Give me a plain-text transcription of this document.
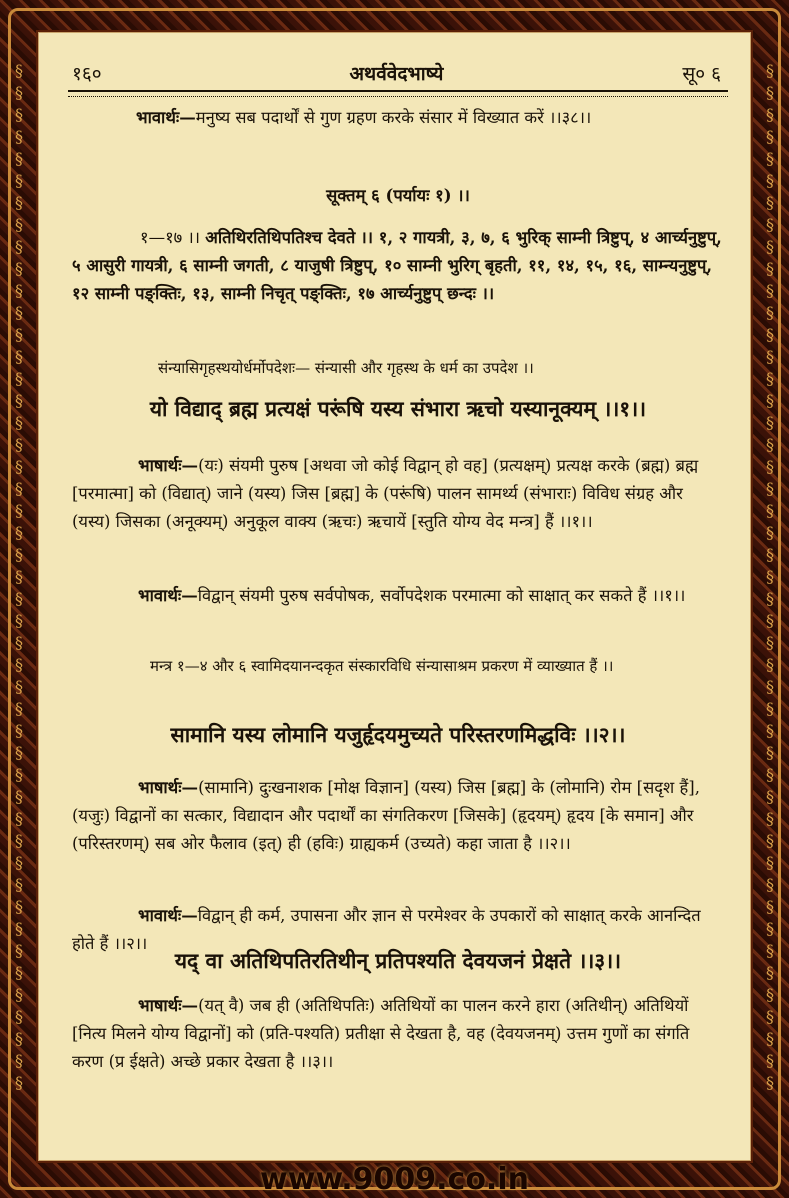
§
§
§
§
§
§
§
§
§
§
§
§
§
§
§
§
§
§
§
§
§
§
§
§
§
§
§
§
§
§
§
§
§
§
§
§
§
§
§
§
§
§
§
§
§
§
§
§
§
§
§
§
§
§
§
§
§
§
§
§
§
§
§
§
§
§
§
§
§
§
§
§
§
§
§
§
§
§
§
§
§
§
§
§
§
§
§
§
§
§
§
§
§
§
१६०	अथर्ववेदभाष्ये	सू० ६
भावार्थः—मनुष्य सब पदार्थों से गुण ग्रहण करके संसार में विख्यात करें ।।३८।।
सूक्तम् ६ (पर्यायः १) ।।
१—१७ ।। अतिथिरतिथिपतिश्च देवते ।। १, २ गायत्री, ३, ७, ६ भुरिक् साम्नी त्रिष्टुप्, ४ आर्च्यनुष्टुप्, ५ आसुरी गायत्री, ६ साम्नी जगती, ८ याजुषी त्रिष्टुप्, १० साम्नी भुरिग् बृहती, ११, १४, १५, १६, साम्न्यनुष्टुप्, १२ साम्नी पङ्क्तिः, १३, साम्नी निचृत् पङ्क्तिः, १७ आर्च्यनुष्टुप् छन्दः ।।
संन्यासिगृहस्थयोर्धर्मोपदेशः— संन्यासी और गृहस्थ के धर्म का उपदेश ।।
यो विद्याद् ब्रह्म प्रत्यक्षं परूंषि यस्य संभारा ऋचो यस्यानूक्यम् ।।१।।
भाषार्थः—(यः) संयमी पुरुष [अथवा जो कोई विद्वान् हो वह] (प्रत्यक्षम्) प्रत्यक्ष करके (ब्रह्म) ब्रह्म [परमात्मा] को (विद्यात्) जाने (यस्य) जिस [ब्रह्म] के (परूंषि) पालन सामर्थ्य (संभाराः) विविध संग्रह और (यस्य) जिसका (अनूक्यम्) अनुकूल वाक्य (ऋचः) ऋचायें [स्तुति योग्य वेद मन्त्र] हैं ।।१।।
भावार्थः—विद्वान् संयमी पुरुष सर्वपोषक, सर्वोपदेशक परमात्मा को साक्षात् कर सकते हैं ।।१।।
मन्त्र १—४ और ६ स्वामिदयानन्दकृत संस्कारविधि संन्यासाश्रम प्रकरण में व्याख्यात हैं ।।
सामानि यस्य लोमानि यजुर्हृदयमुच्यते परिस्तरणमिद्धविः ।।२।।
भाषार्थः—(सामानि) दुःखनाशक [मोक्ष विज्ञान] (यस्य) जिस [ब्रह्म] के (लोमानि) रोम [सदृश हैं], (यजुः) विद्वानों का सत्कार, विद्यादान और पदार्थों का संगतिकरण [जिसके] (हृदयम्) हृदय [के समान] और (परिस्तरणम्) सब ओर फैलाव (इत्) ही (हविः) ग्राह्यकर्म (उच्यते) कहा जाता है ।।२।।
भावार्थः—विद्वान् ही कर्म, उपासना और ज्ञान से परमेश्वर के उपकारों को साक्षात् करके आनन्दित होते हैं ।।२।।
यद् वा अतिथिपतिरतिथीन् प्रतिपश्यति देवयजनं प्रेक्षते ।।३।।
भाषार्थः—(यत् वै) जब ही (अतिथिपतिः) अतिथियों का पालन करने हारा (अतिथीन्) अतिथियों [नित्य मिलने योग्य विद्वानों] को (प्रति-पश्यति) प्रतीक्षा से देखता है, वह (देवयजनम्) उत्तम गुणों का संगति करण (प्र ईक्षते) अच्छे प्रकार देखता है ।।३।।
www.9009.co.in
